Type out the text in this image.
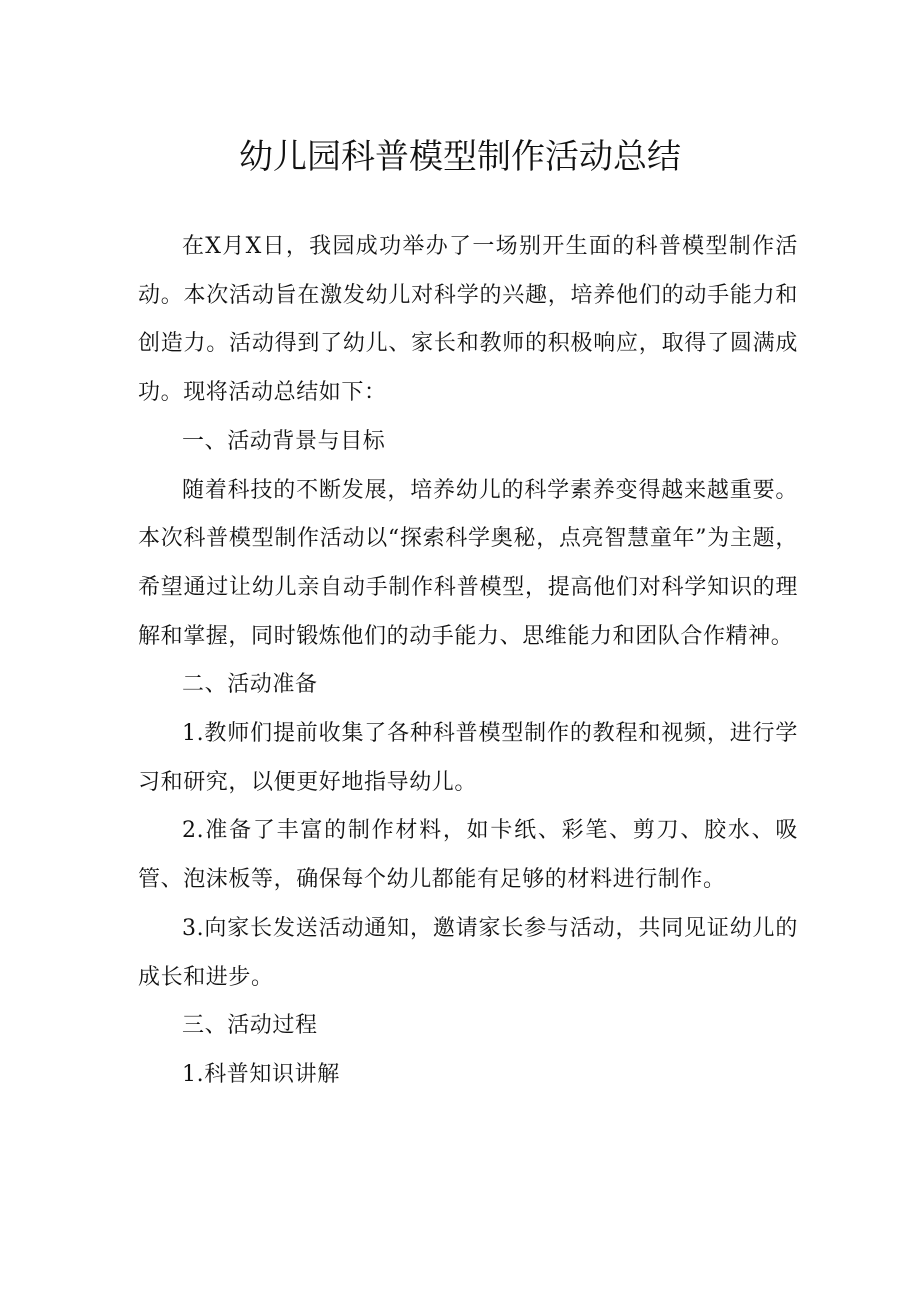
幼儿园科普模型制作活动总结

在X月X日，我园成功举办了一场别开生面的科普模型制作活动。本次活动旨在激发幼儿对科学的兴趣，培养他们的动手能力和创造力。活动得到了幼儿、家长和教师的积极响应，取得了圆满成功。现将活动总结如下：

一、活动背景与目标

随着科技的不断发展，培养幼儿的科学素养变得越来越重要。本次科普模型制作活动以“探索科学奥秘，点亮智慧童年”为主题，希望通过让幼儿亲自动手制作科普模型，提高他们对科学知识的理解和掌握，同时锻炼他们的动手能力、思维能力和团队合作精神。

二、活动准备

1.教师们提前收集了各种科普模型制作的教程和视频，进行学习和研究，以便更好地指导幼儿。

2.准备了丰富的制作材料，如卡纸、彩笔、剪刀、胶水、吸管、泡沫板等，确保每个幼儿都能有足够的材料进行制作。

3.向家长发送活动通知，邀请家长参与活动，共同见证幼儿的成长和进步。

三、活动过程

1.科普知识讲解
